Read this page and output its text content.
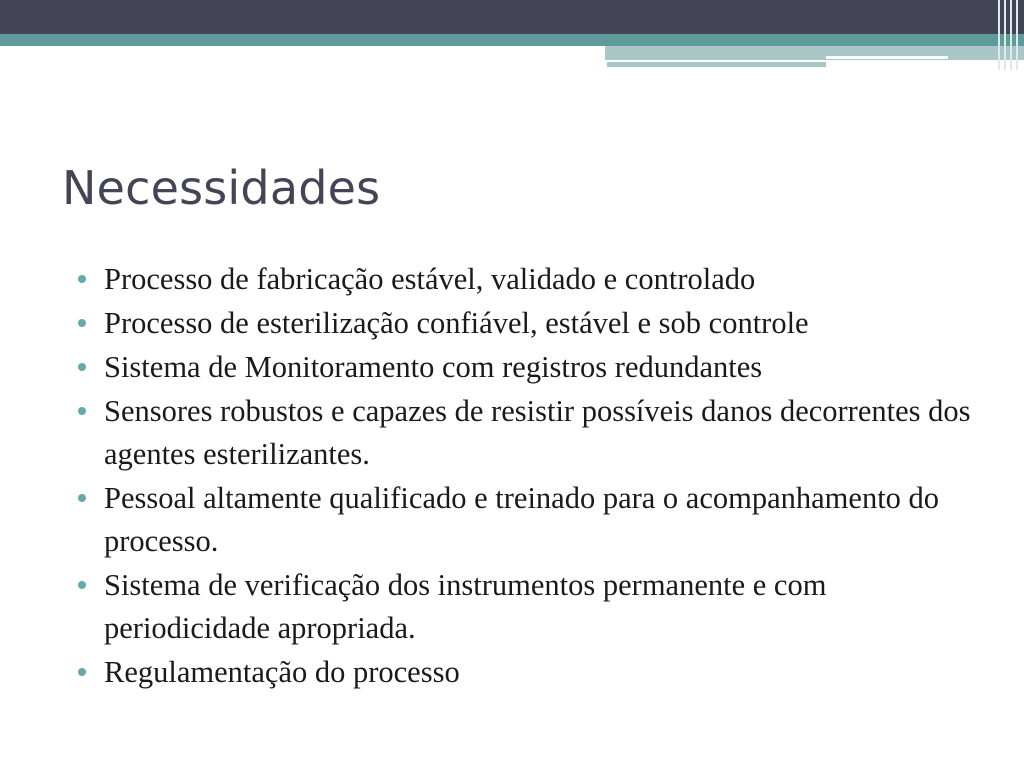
Necessidades
Processo de fabricação estável, validado e controlado
Processo de esterilização confiável, estável e sob controle
Sistema de Monitoramento com registros redundantes
Sensores robustos e capazes de resistir possíveis danos decorrentes dos agentes esterilizantes.
Pessoal altamente qualificado e treinado para o acompanhamento do processo.
Sistema de verificação dos instrumentos permanente e com periodicidade apropriada.
Regulamentação do processo
